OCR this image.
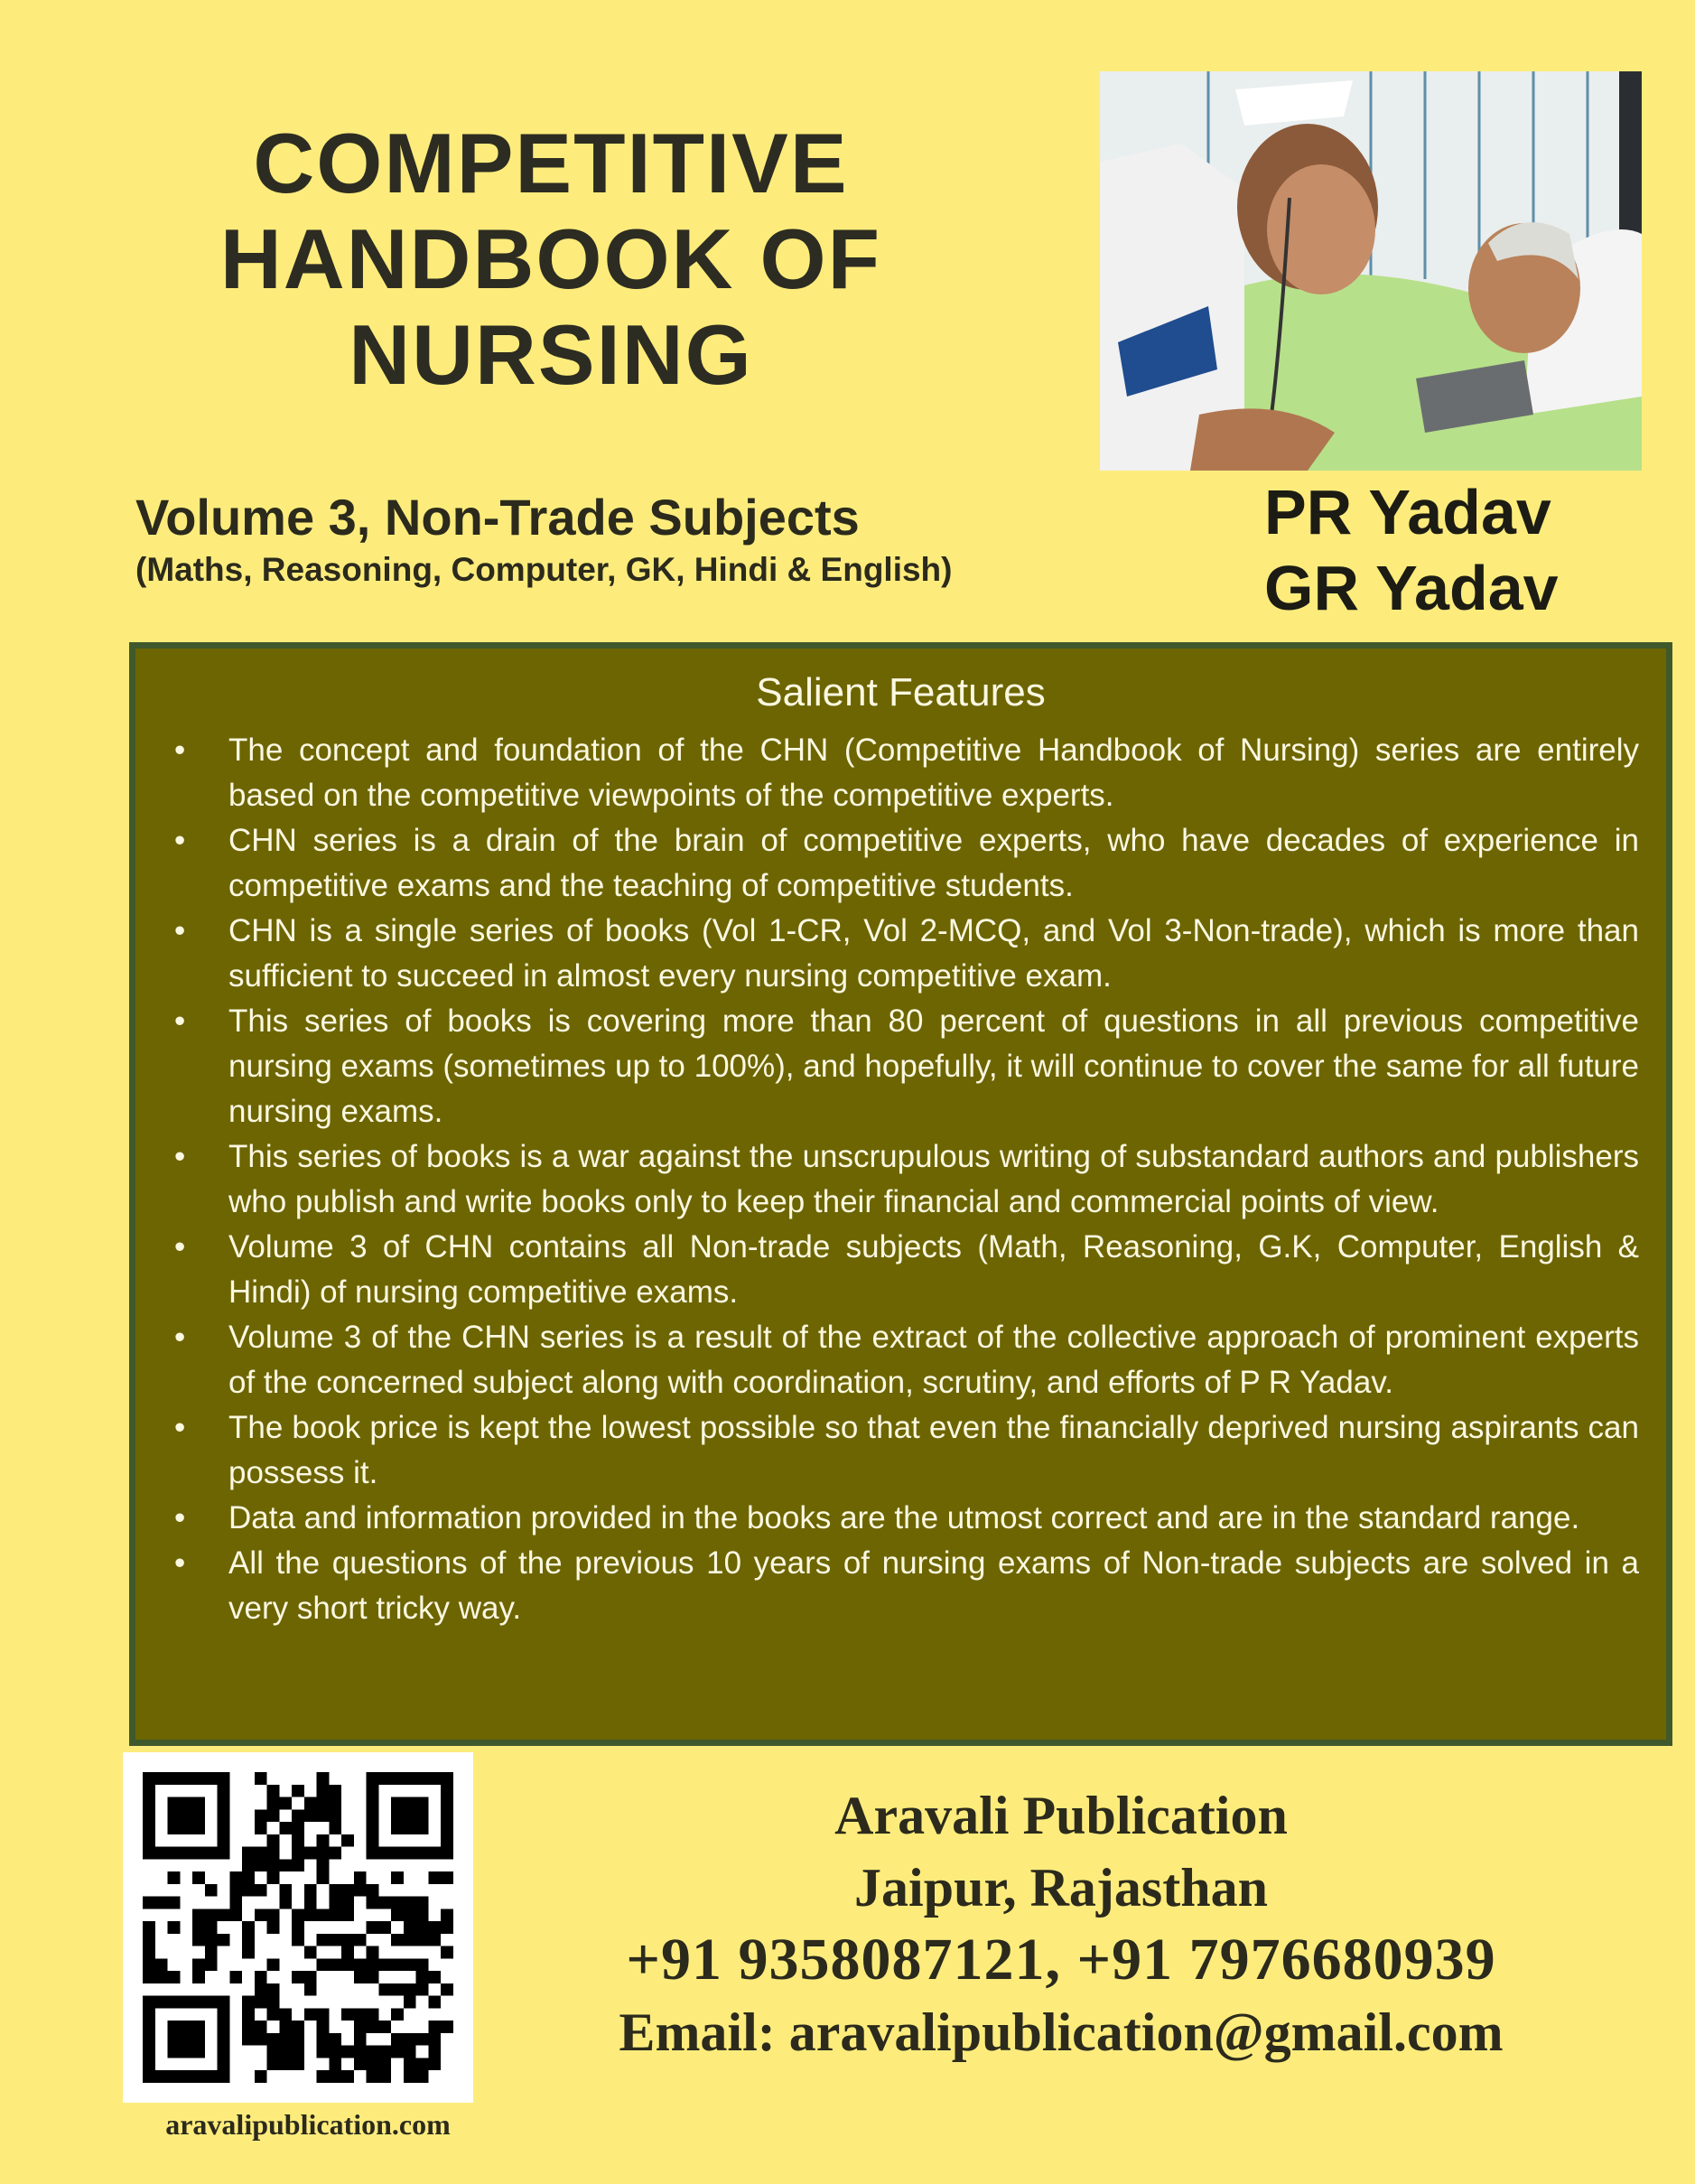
COMPETITIVE
HANDBOOK OF
NURSING
Volume 3, Non-Trade Subjects
(Maths, Reasoning, Computer, GK, Hindi & English)
PR Yadav
GR Yadav
Salient Features
• The concept and foundation of the CHN (Competitive Handbook of Nursing) series are entirely based on the competitive viewpoints of the competitive experts.
• CHN series is a drain of the brain of competitive experts, who have decades of experience in competitive exams and the teaching of competitive students.
• CHN is a single series of books (Vol 1-CR, Vol 2-MCQ, and Vol 3-Non-trade), which is more than sufficient to succeed in almost every nursing competitive exam.
• This series of books is covering more than 80 percent of questions in all previous competitive nursing exams (sometimes up to 100%), and hopefully, it will continue to cover the same for all future nursing exams.
• This series of books is a war against the unscrupulous writing of substandard authors and publishers who publish and write books only to keep their financial and commercial points of view.
• Volume 3 of CHN contains all Non-trade subjects (Math, Reasoning, G.K, Computer, English & Hindi) of nursing competitive exams.
• Volume 3 of the CHN series is a result of the extract of the collective approach of prominent experts of the concerned subject along with coordination, scrutiny, and efforts of P R Yadav.
• The book price is kept the lowest possible so that even the financially deprived nursing aspirants can possess it.
• Data and information provided in the books are the utmost correct and are in the standard range.
• All the questions of the previous 10 years of nursing exams of Non-trade subjects are solved in a very short tricky way.
aravalipublication.com
Aravali Publication
Jaipur, Rajasthan
+91 9358087121, +91 7976680939
Email: aravalipublication@gmail.com
